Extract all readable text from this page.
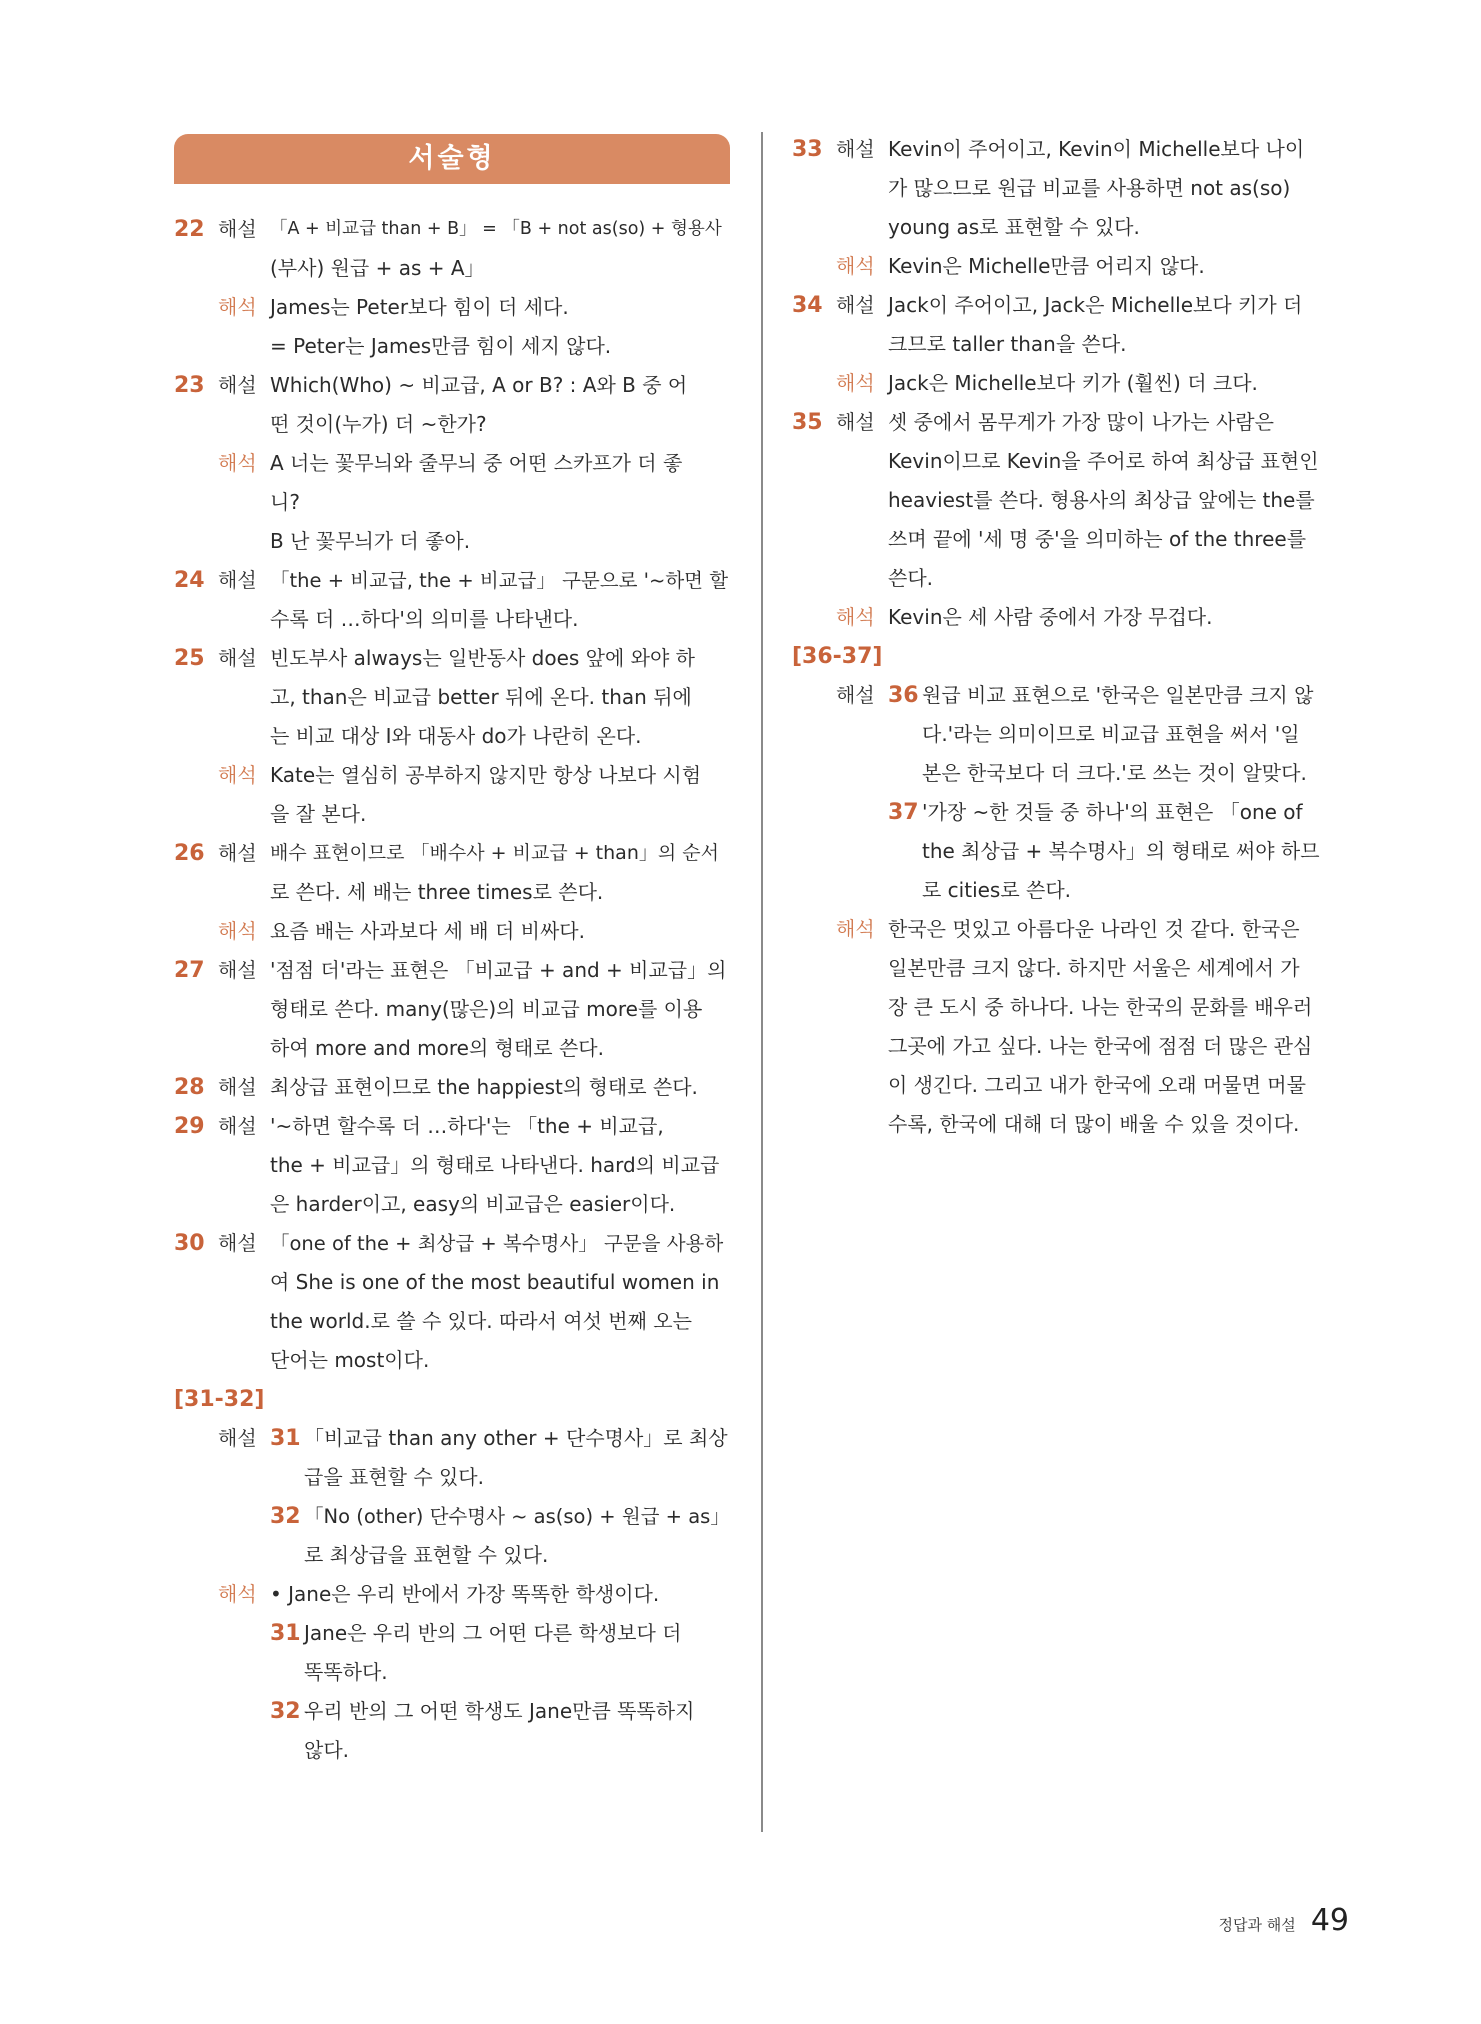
서술형
22 해설 「A + 비교급 than + B」 = 「B + not as(so) + 형용사
(부사) 원급 + as + A」
해석 James는 Peter보다 힘이 더 세다.
= Peter는 James만큼 힘이 세지 않다.
23 해설 Which(Who) ~ 비교급, A or B? : A와 B 중 어
떤 것이(누가) 더 ~한가?
해석 A 너는 꽃무늬와 줄무늬 중 어떤 스카프가 더 좋
니?
B 난 꽃무늬가 더 좋아.
24 해설 「the + 비교급, the + 비교급」 구문으로 '~하면 할
수록 더 …하다'의 의미를 나타낸다.
25 해설 빈도부사 always는 일반동사 does 앞에 와야 하
고, than은 비교급 better 뒤에 온다. than 뒤에
는 비교 대상 I와 대동사 do가 나란히 온다.
해석 Kate는 열심히 공부하지 않지만 항상 나보다 시험
을 잘 본다.
26 해설 배수 표현이므로 「배수사 + 비교급 + than」의 순서
로 쓴다. 세 배는 three times로 쓴다.
해석 요즘 배는 사과보다 세 배 더 비싸다.
27 해설 '점점 더'라는 표현은 「비교급 + and + 비교급」의
형태로 쓴다. many(많은)의 비교급 more를 이용
하여 more and more의 형태로 쓴다.
28 해설 최상급 표현이므로 the happiest의 형태로 쓴다.
29 해설 '~하면 할수록 더 …하다'는 「the + 비교급,
the + 비교급」의 형태로 나타낸다. hard의 비교급
은 harder이고, easy의 비교급은 easier이다.
30 해설 「one of the + 최상급 + 복수명사」 구문을 사용하
여 She is one of the most beautiful women in
the world.로 쓸 수 있다. 따라서 여섯 번째 오는
단어는 most이다.
[31-32]
해설 31 「비교급 than any other + 단수명사」로 최상
급을 표현할 수 있다.
32 「No (other) 단수명사 ~ as(so) + 원급 + as」
로 최상급을 표현할 수 있다.
해석 • Jane은 우리 반에서 가장 똑똑한 학생이다.
31 Jane은 우리 반의 그 어떤 다른 학생보다 더
똑똑하다.
32 우리 반의 그 어떤 학생도 Jane만큼 똑똑하지
않다.
33 해설 Kevin이 주어이고, Kevin이 Michelle보다 나이
가 많으므로 원급 비교를 사용하면 not as(so)
young as로 표현할 수 있다.
해석 Kevin은 Michelle만큼 어리지 않다.
34 해설 Jack이 주어이고, Jack은 Michelle보다 키가 더
크므로 taller than을 쓴다.
해석 Jack은 Michelle보다 키가 (훨씬) 더 크다.
35 해설 셋 중에서 몸무게가 가장 많이 나가는 사람은
Kevin이므로 Kevin을 주어로 하여 최상급 표현인
heaviest를 쓴다. 형용사의 최상급 앞에는 the를
쓰며 끝에 '세 명 중'을 의미하는 of the three를
쓴다.
해석 Kevin은 세 사람 중에서 가장 무겁다.
[36-37]
해설 36 원급 비교 표현으로 '한국은 일본만큼 크지 않
다.'라는 의미이므로 비교급 표현을 써서 '일
본은 한국보다 더 크다.'로 쓰는 것이 알맞다.
37 '가장 ~한 것들 중 하나'의 표현은 「one of
the 최상급 + 복수명사」의 형태로 써야 하므
로 cities로 쓴다.
해석 한국은 멋있고 아름다운 나라인 것 같다. 한국은
일본만큼 크지 않다. 하지만 서울은 세계에서 가
장 큰 도시 중 하나다. 나는 한국의 문화를 배우러
그곳에 가고 싶다. 나는 한국에 점점 더 많은 관심
이 생긴다. 그리고 내가 한국에 오래 머물면 머물
수록, 한국에 대해 더 많이 배울 수 있을 것이다.
정답과 해설 49
